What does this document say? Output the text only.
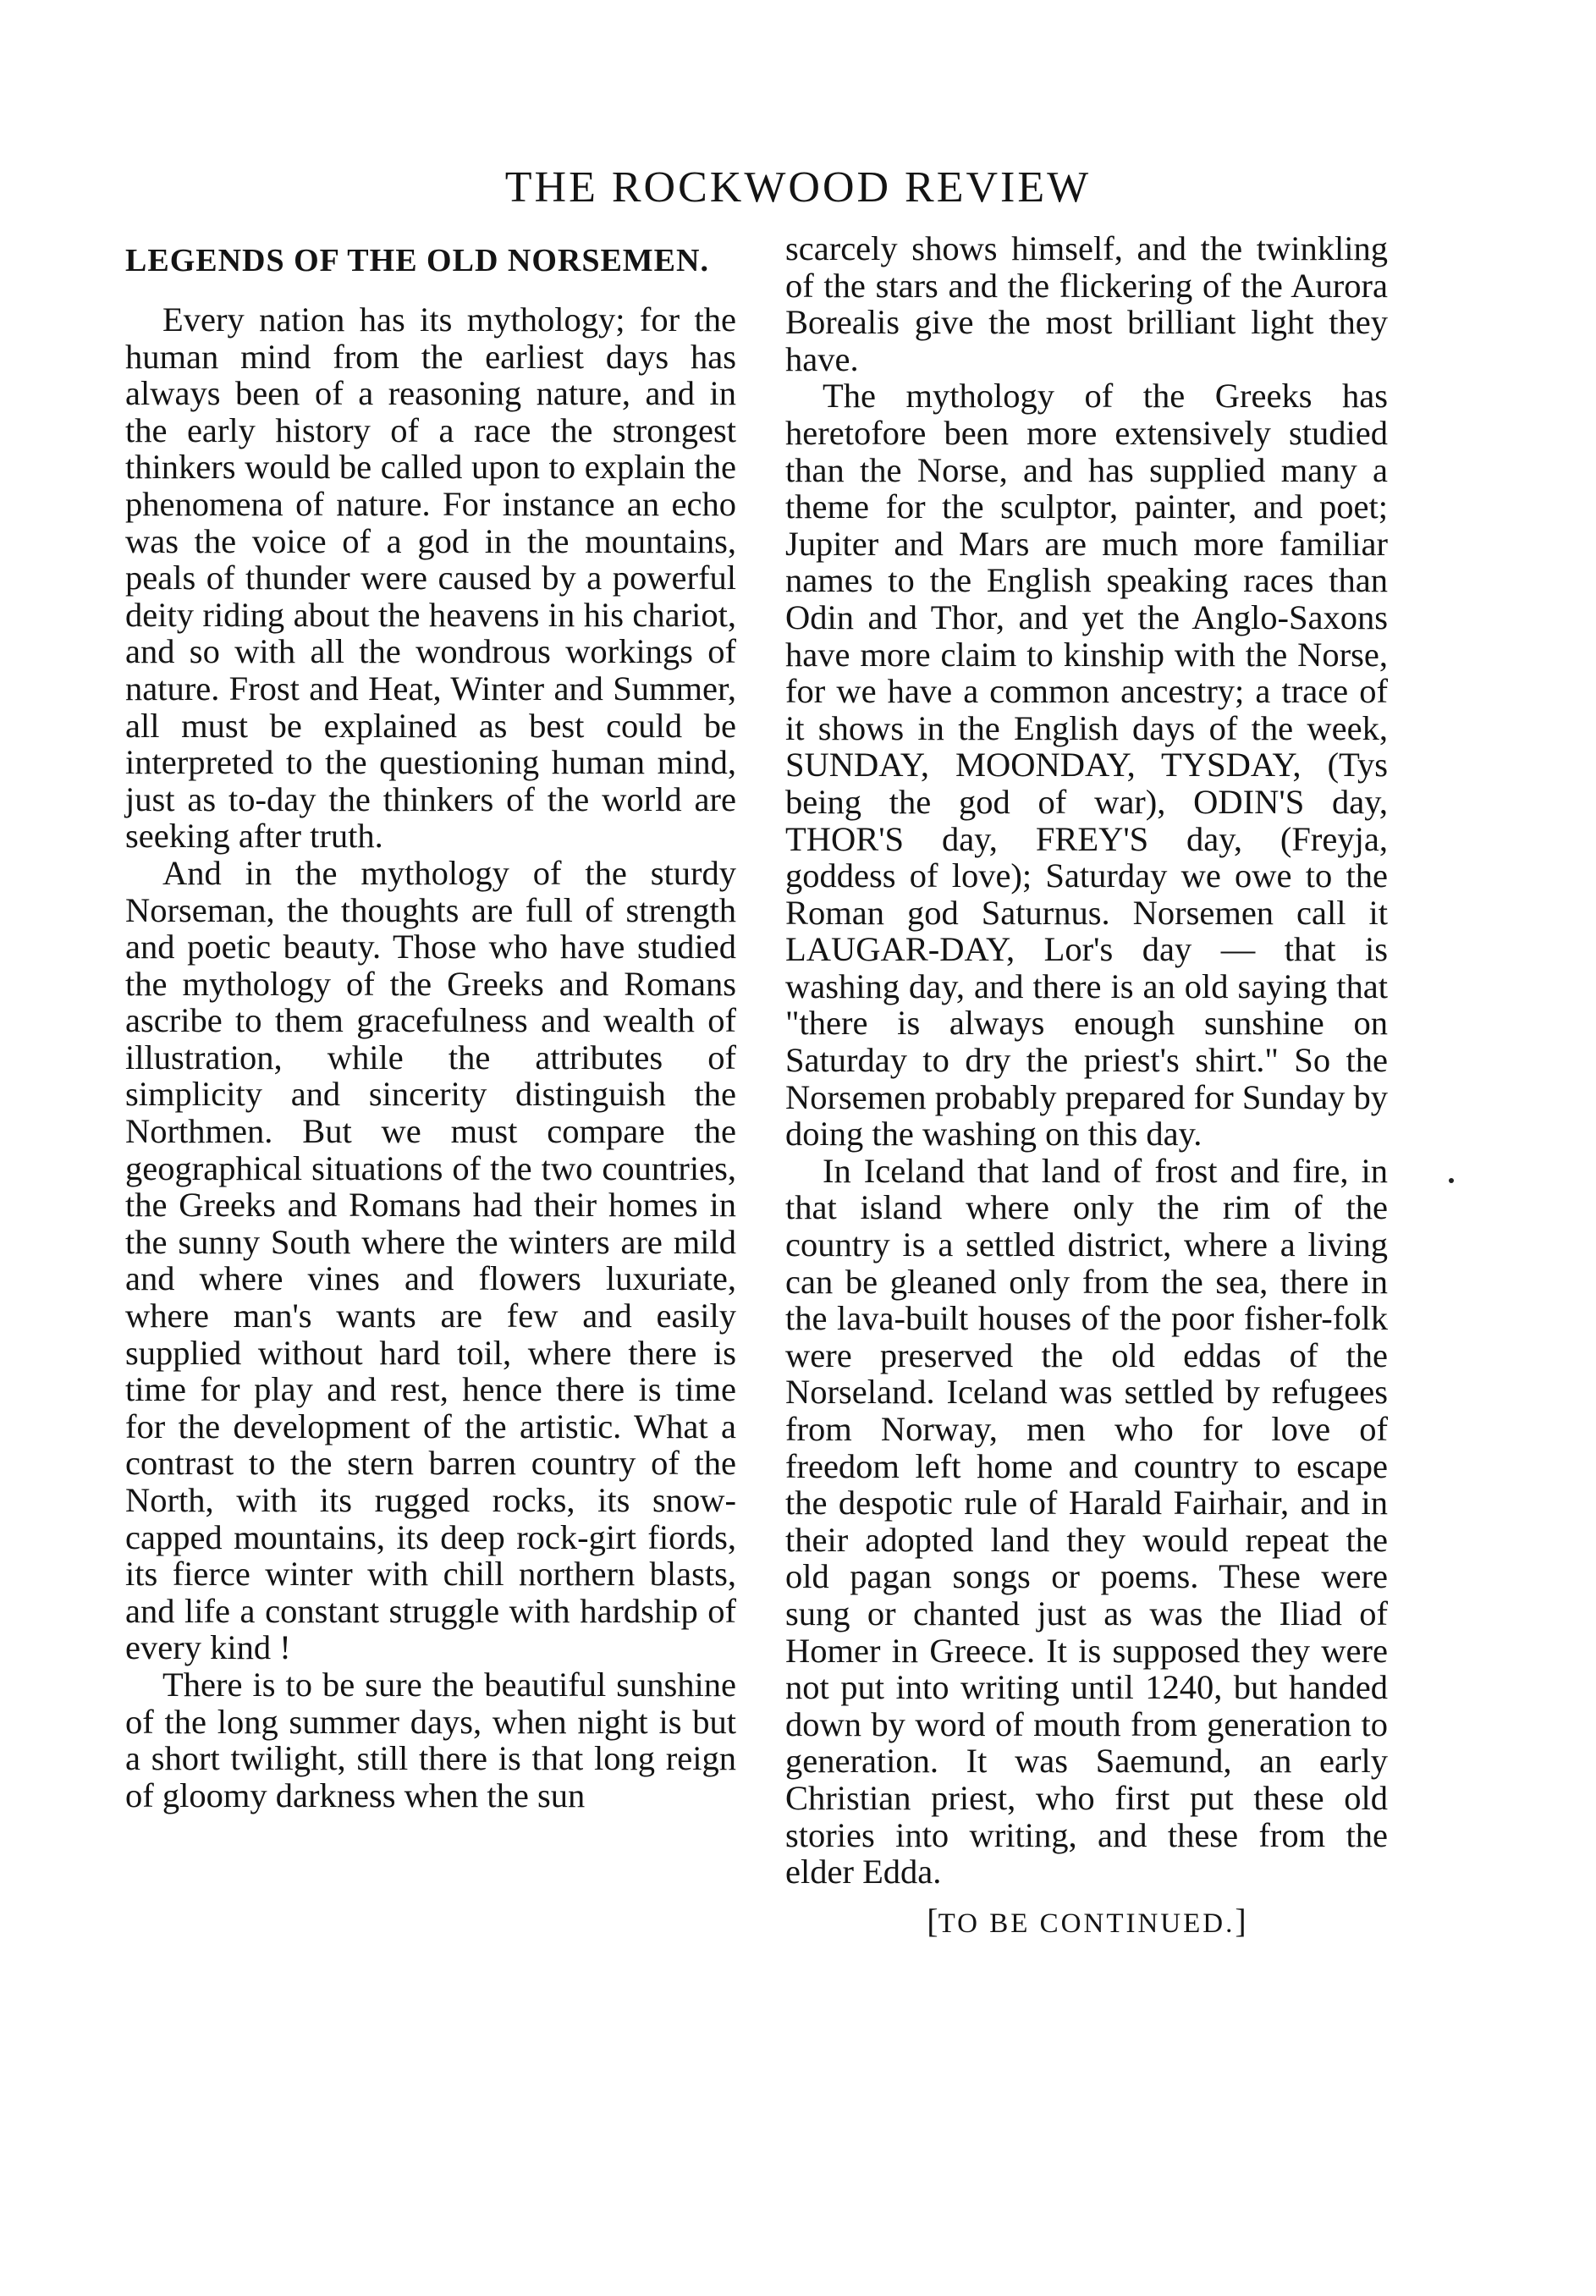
THE ROCKWOOD REVIEW
LEGENDS OF THE OLD NORSEMEN.

Every nation has its mythology; for the human mind from the earliest days has always been of a reasoning nature, and in the early history of a race the strongest thinkers would be called upon to explain the phenomena of nature. For instance an echo was the voice of a god in the mountains, peals of thunder were caused by a powerful deity riding about the heavens in his chariot, and so with all the wondrous workings of nature. Frost and Heat, Winter and Summer, all must be explained as best could be interpreted to the questioning human mind, just as to-day the thinkers of the world are seeking after truth.

And in the mythology of the sturdy Norseman, the thoughts are full of strength and poetic beauty. Those who have studied the mythology of the Greeks and Romans ascribe to them gracefulness and wealth of illustration, while the attributes of simplicity and sincerity distinguish the Northmen. But we must compare the geographical situations of the two countries, the Greeks and Romans had their homes in the sunny South where the winters are mild and where vines and flowers luxuriate, where man's wants are few and easily supplied without hard toil, where there is time for play and rest, hence there is time for the development of the artistic. What a contrast to the stern barren country of the North, with its rugged rocks, its snow-capped mountains, its deep rock-girt fiords, its fierce winter with chill northern blasts, and life a constant struggle with hardship of every kind !

There is to be sure the beautiful sunshine of the long summer days, when night is but a short twilight, still there is that long reign of gloomy darkness when the sun

scarcely shows himself, and the twinkling of the stars and the flickering of the Aurora Borealis give the most brilliant light they have.

The mythology of the Greeks has heretofore been more extensively studied than the Norse, and has supplied many a theme for the sculptor, painter, and poet; Jupiter and Mars are much more familiar names to the English speaking races than Odin and Thor, and yet the Anglo-Saxons have more claim to kinship with the Norse, for we have a common ancestry; a trace of it shows in the English days of the week, SUNDAY, MOONDAY, TYSDAY, (Tys being the god of war), ODIN'S day, THOR'S day, FREY'S day, (Freyja, goddess of love); Saturday we owe to the Roman god Saturnus. Norsemen call it LAUGAR-DAY, Lor's day — that is washing day, and there is an old saying that "there is always enough sunshine on Saturday to dry the priest's shirt." So the Norsemen probably prepared for Sunday by doing the washing on this day.

In Iceland that land of frost and fire, in that island where only the rim of the country is a settled district, where a living can be gleaned only from the sea, there in the lava-built houses of the poor fisher-folk were preserved the old eddas of the Norseland. Iceland was settled by refugees from Norway, men who for love of freedom left home and country to escape the despotic rule of Harald Fairhair, and in their adopted land they would repeat the old pagan songs or poems. These were sung or chanted just as was the Iliad of Homer in Greece. It is supposed they were not put into writing until 1240, but handed down by word of mouth from generation to generation. It was Saemund, an early Christian priest, who first put these old stories into writing, and these from the elder Edda.

[TO BE CONTINUED.]
